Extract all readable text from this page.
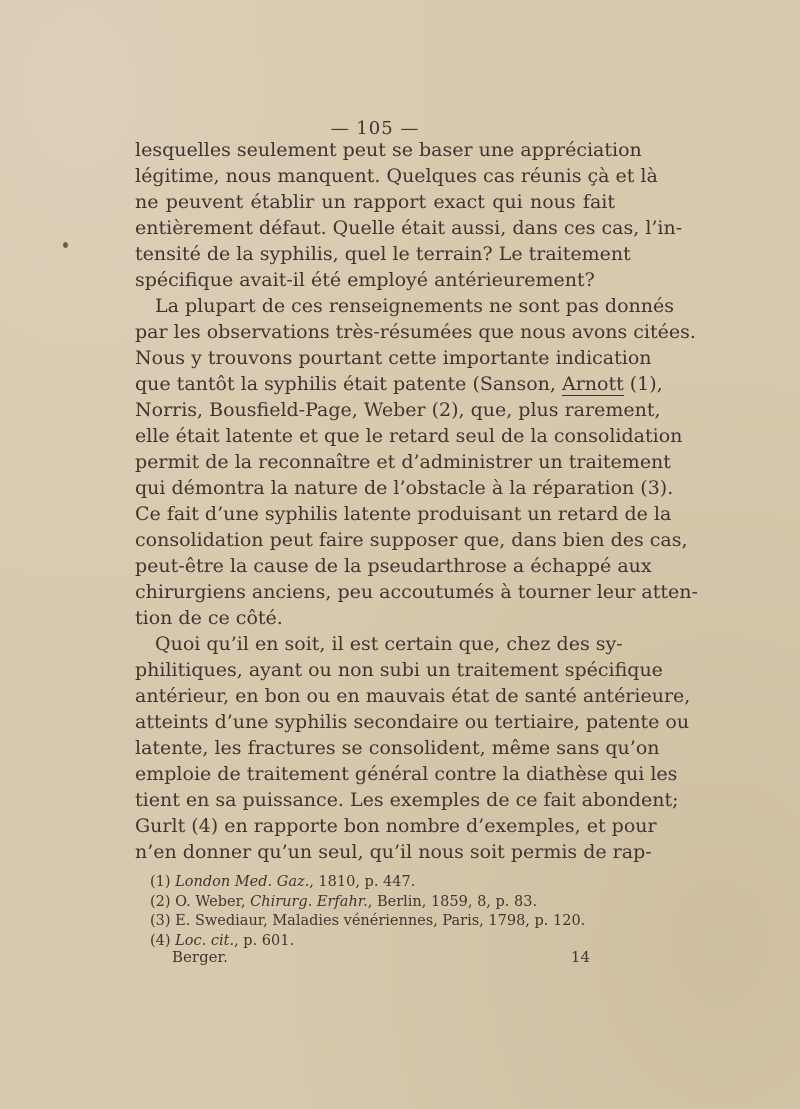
— 105 —
lesquelles seulement peut se baser une appréciation
légitime, nous manquent. Quelques cas réunis çà et là
ne peuvent établir un rapport exact qui nous fait
entièrement défaut. Quelle était aussi, dans ces cas, l’in-
tensité de la syphilis, quel le terrain? Le traitement
spécifique avait-il été employé antérieurement?
La plupart de ces renseignements ne sont pas donnés
par les observations très-résumées que nous avons citées.
Nous y trouvons pourtant cette importante indication
que tantôt la syphilis était patente (Sanson, Arnott (1),
Norris, Bousfield-Page, Weber (2), que, plus rarement,
elle était latente et que le retard seul de la consolidation
permit de la reconnaître et d’administrer un traitement
qui démontra la nature de l’obstacle à la réparation (3).
Ce fait d’une syphilis latente produisant un retard de la
consolidation peut faire supposer que, dans bien des cas,
peut-être la cause de la pseudarthrose a échappé aux
chirurgiens anciens, peu accoutumés à tourner leur atten-
tion de ce côté.
Quoi qu’il en soit, il est certain que, chez des sy-
philitiques, ayant ou non subi un traitement spécifique
antérieur, en bon ou en mauvais état de santé antérieure,
atteints d’une syphilis secondaire ou tertiaire, patente ou
latente, les fractures se consolident, même sans qu’on
emploie de traitement général contre la diathèse qui les
tient en sa puissance. Les exemples de ce fait abondent;
Gurlt (4) en rapporte bon nombre d’exemples, et pour
n’en donner qu’un seul, qu’il nous soit permis de rap-
(1) London Med. Gaz., 1810, p. 447.
(2) O. Weber, Chirurg. Erfahr., Berlin, 1859, 8, p. 83.
(3) E. Swediaur, Maladies vénériennes, Paris, 1798, p. 120.
(4) Loc. cit., p. 601.
Berger.	14
